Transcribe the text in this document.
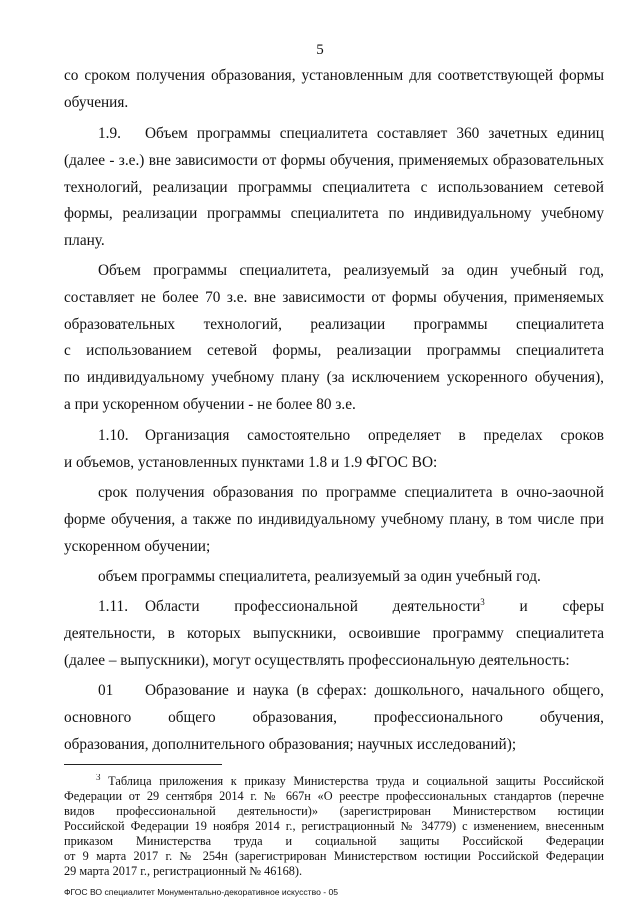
5
со сроком получения образования, установленным для соответствующей формы
обучения.
1.9. Объем программы специалитета составляет 360 зачетных единиц
(далее - з.е.) вне зависимости от формы обучения, применяемых образовательных
технологий, реализации программы специалитета с использованием сетевой
формы, реализации программы специалитета по индивидуальному учебному
плану.
Объем программы специалитета, реализуемый за один учебный год,
составляет не более 70 з.е. вне зависимости от формы обучения, применяемых
образовательных технологий, реализации программы специалитета
с использованием сетевой формы, реализации программы специалитета
по индивидуальному учебному плану (за исключением ускоренного обучения),
а при ускоренном обучении - не более 80 з.е.
1.10. Организация самостоятельно определяет в пределах сроков
и объемов, установленных пунктами 1.8 и 1.9 ФГОС ВО:
срок получения образования по программе специалитета в очно-заочной
форме обучения, а также по индивидуальному учебному плану, в том числе при
ускоренном обучении;
объем программы специалитета, реализуемый за один учебный год.
1.11. Области профессиональной деятельности$^3$ и сферы
деятельности, в которых выпускники, освоившие программу специалитета
(далее – выпускники), могут осуществлять профессиональную деятельность:
01 Образование и наука (в сферах: дошкольного, начального общего,
основного общего образования, профессионального обучения,
образования, дополнительного образования; научных исследований);
$^3$ Таблица приложения к приказу Министерства труда и социальной защиты Российской
Федерации от 29 сентября 2014 г. № 667н «О реестре профессиональных стандартов (перечне
видов профессиональной деятельности)» (зарегистрирован Министерством юстиции
Российской Федерации 19 ноября 2014 г., регистрационный № 34779) с изменением, внесенным
приказом Министерства труда и социальной защиты Российской Федерации
от 9 марта 2017 г. № 254н (зарегистрирован Министерством юстиции Российской Федерации
29 марта 2017 г., регистрационный № 46168).
ФГОС ВО специалитет Монументально-декоративное искусство - 05
